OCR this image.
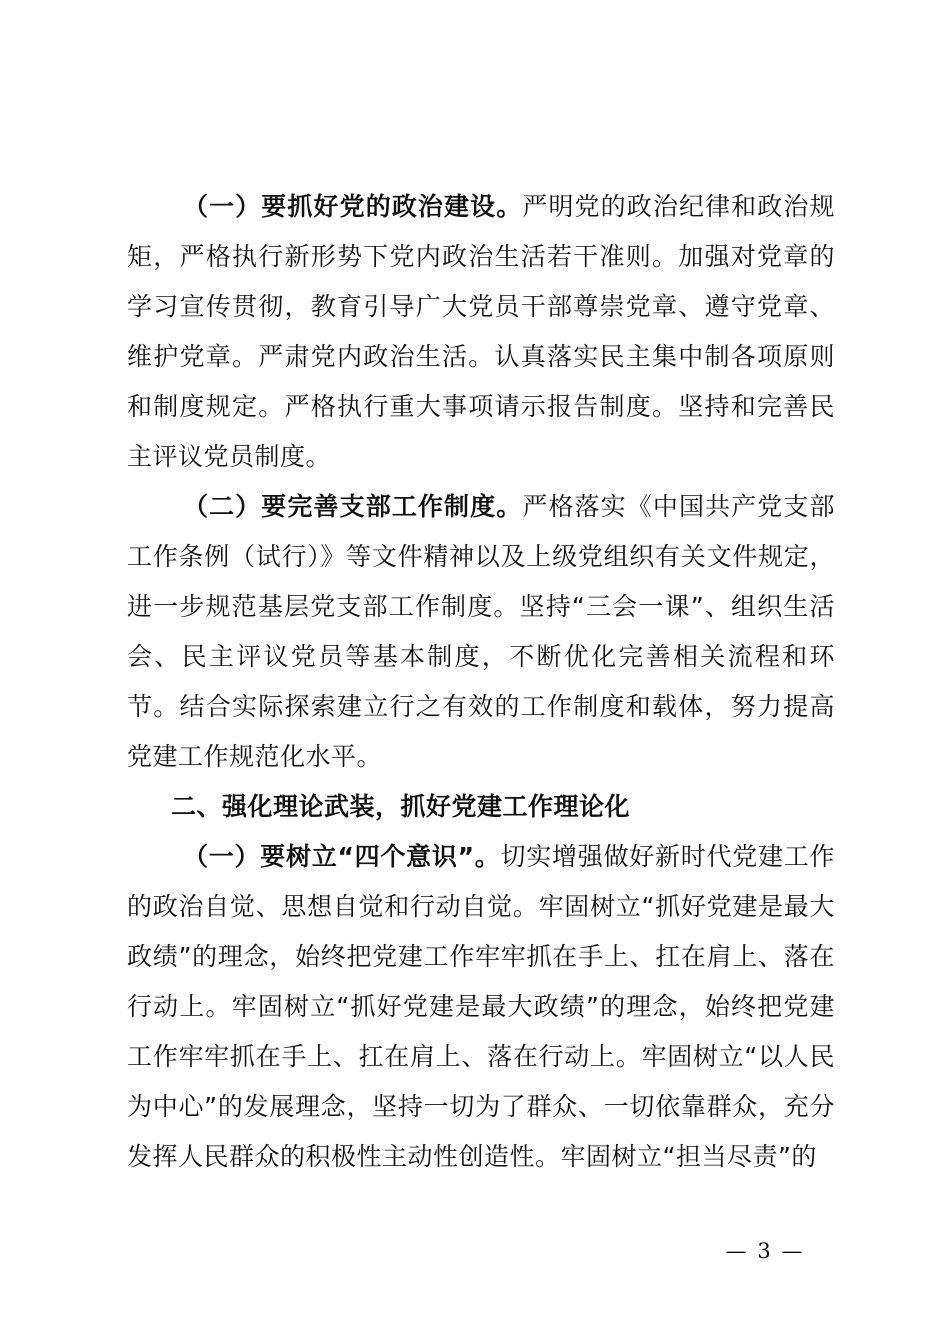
（一）要抓好党的政治建设。严明党的政治纪律和政治规矩，严格执行新形势下党内政治生活若干准则。加强对党章的学习宣传贯彻，教育引导广大党员干部尊崇党章、遵守党章、维护党章。严肃党内政治生活。认真落实民主集中制各项原则和制度规定。严格执行重大事项请示报告制度。坚持和完善民主评议党员制度。

（二）要完善支部工作制度。严格落实《中国共产党支部工作条例（试行）》等文件精神以及上级党组织有关文件规定，进一步规范基层党支部工作制度。坚持“三会一课”、组织生活会、民主评议党员等基本制度，不断优化完善相关流程和环节。结合实际探索建立行之有效的工作制度和载体，努力提高党建工作规范化水平。

二、强化理论武装，抓好党建工作理论化

（一）要树立“四个意识”。切实增强做好新时代党建工作的政治自觉、思想自觉和行动自觉。牢固树立“抓好党建是最大政绩”的理念，始终把党建工作牢牢抓在手上、扛在肩上、落在行动上。牢固树立“抓好党建是最大政绩”的理念，始终把党建工作牢牢抓在手上、扛在肩上、落在行动上。牢固树立“以人民为中心”的发展理念，坚持一切为了群众、一切依靠群众，充分发挥人民群众的积极性主动性创造性。牢固树立“担当尽责”的

— 3 —
